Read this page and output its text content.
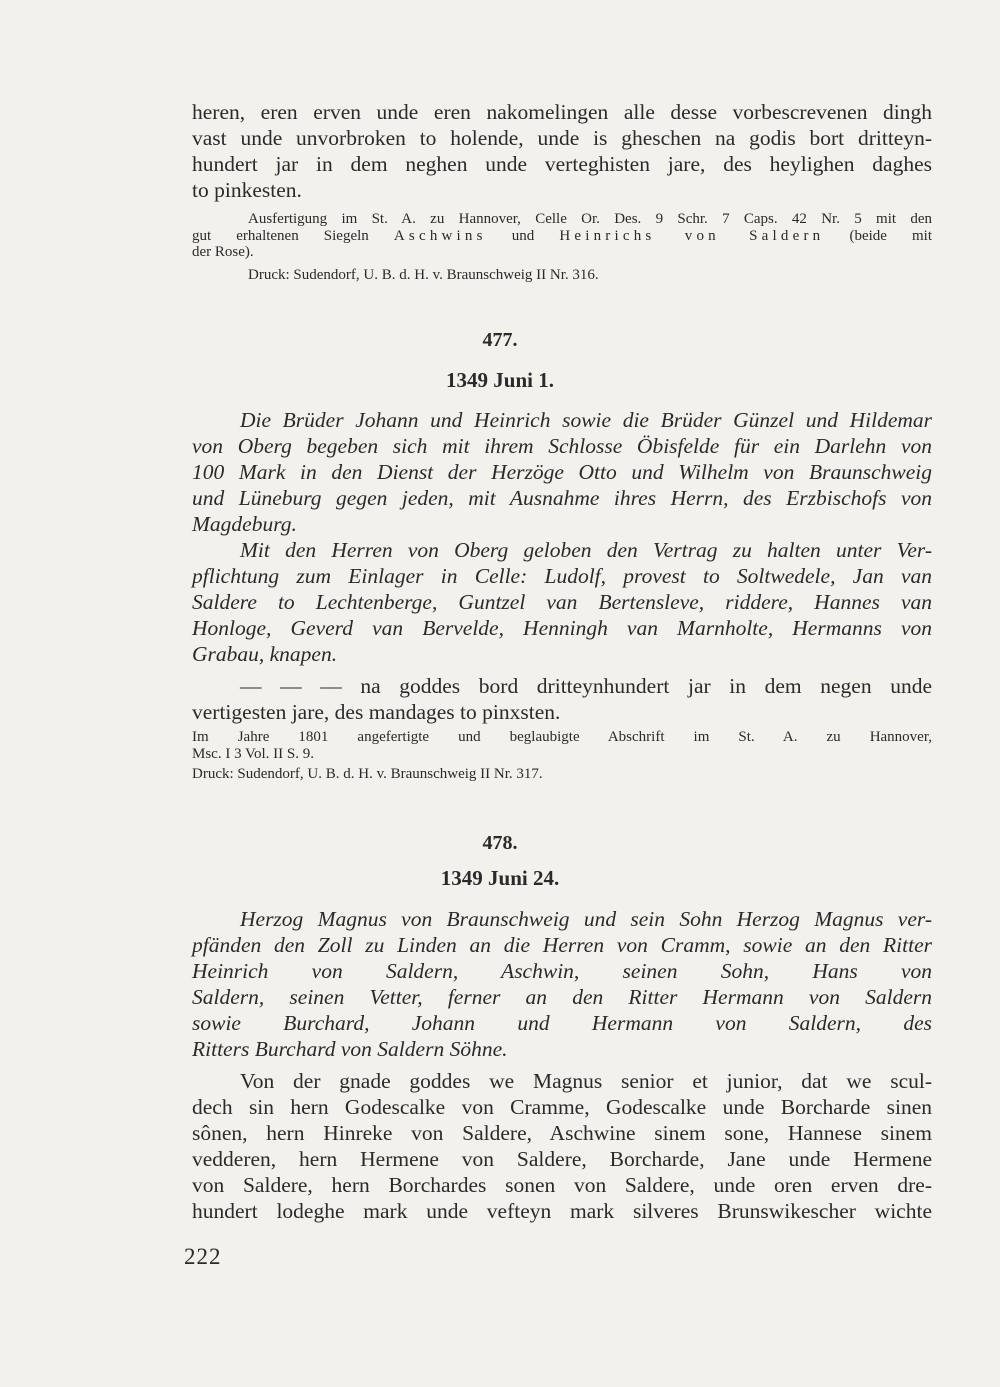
heren, eren erven unde eren nakomelingen alle desse vorbescrevenen dingh
vast unde unvorbroken to holende, unde is gheschen na godis bort dritteyn-
hundert jar in dem neghen unde verteghisten jare, des heylighen daghes
to pinkesten.

Ausfertigung im St. A. zu Hannover, Celle Or. Des. 9 Schr. 7 Caps. 42 Nr. 5 mit den
gut erhaltenen Siegeln Aschwins und Heinrichs von Saldern (beide mit
der Rose).

Druck: Sudendorf, U. B. d. H. v. Braunschweig II Nr. 316.

477.
1349 Juni 1.

Die Brüder Johann und Heinrich sowie die Brüder Günzel und Hildemar
von Oberg begeben sich mit ihrem Schlosse Öbisfelde für ein Darlehn von
100 Mark in den Dienst der Herzöge Otto und Wilhelm von Braunschweig
und Lüneburg gegen jeden, mit Ausnahme ihres Herrn, des Erzbischofs von
Magdeburg.

Mit den Herren von Oberg geloben den Vertrag zu halten unter Ver-
pflichtung zum Einlager in Celle: Ludolf, provest to Soltwedele, Jan van
Saldere to Lechtenberge, Guntzel van Bertensleve, riddere, Hannes van
Honloge, Geverd van Bervelde, Henningh van Marnholte, Hermanns von
Grabau, knapen.

— — — na goddes bord dritteynhundert jar in dem negen unde
vertigesten jare, des mandages to pinxsten.

Im Jahre 1801 angefertigte und beglaubigte Abschrift im St. A. zu Hannover,
Msc. I 3 Vol. II S. 9.

Druck: Sudendorf, U. B. d. H. v. Braunschweig II Nr. 317.

478.
1349 Juni 24.

Herzog Magnus von Braunschweig und sein Sohn Herzog Magnus ver-
pfänden den Zoll zu Linden an die Herren von Cramm, sowie an den Ritter
Heinrich von Saldern, Aschwin, seinen Sohn, Hans von
Saldern, seinen Vetter, ferner an den Ritter Hermann von Saldern
sowie Burchard, Johann und Hermann von Saldern, des
Ritters Burchard von Saldern Söhne.

Von der gnade goddes we Magnus senior et junior, dat we scul-
dech sin hern Godescalke von Cramme, Godescalke unde Borcharde sinen
sônen, hern Hinreke von Saldere, Aschwine sinem sone, Hannese sinem
vedderen, hern Hermene von Saldere, Borcharde, Jane unde Hermene
von Saldere, hern Borchardes sonen von Saldere, unde oren erven dre-
hundert lodeghe mark unde vefteyn mark silveres Brunswikescher wichte

222
